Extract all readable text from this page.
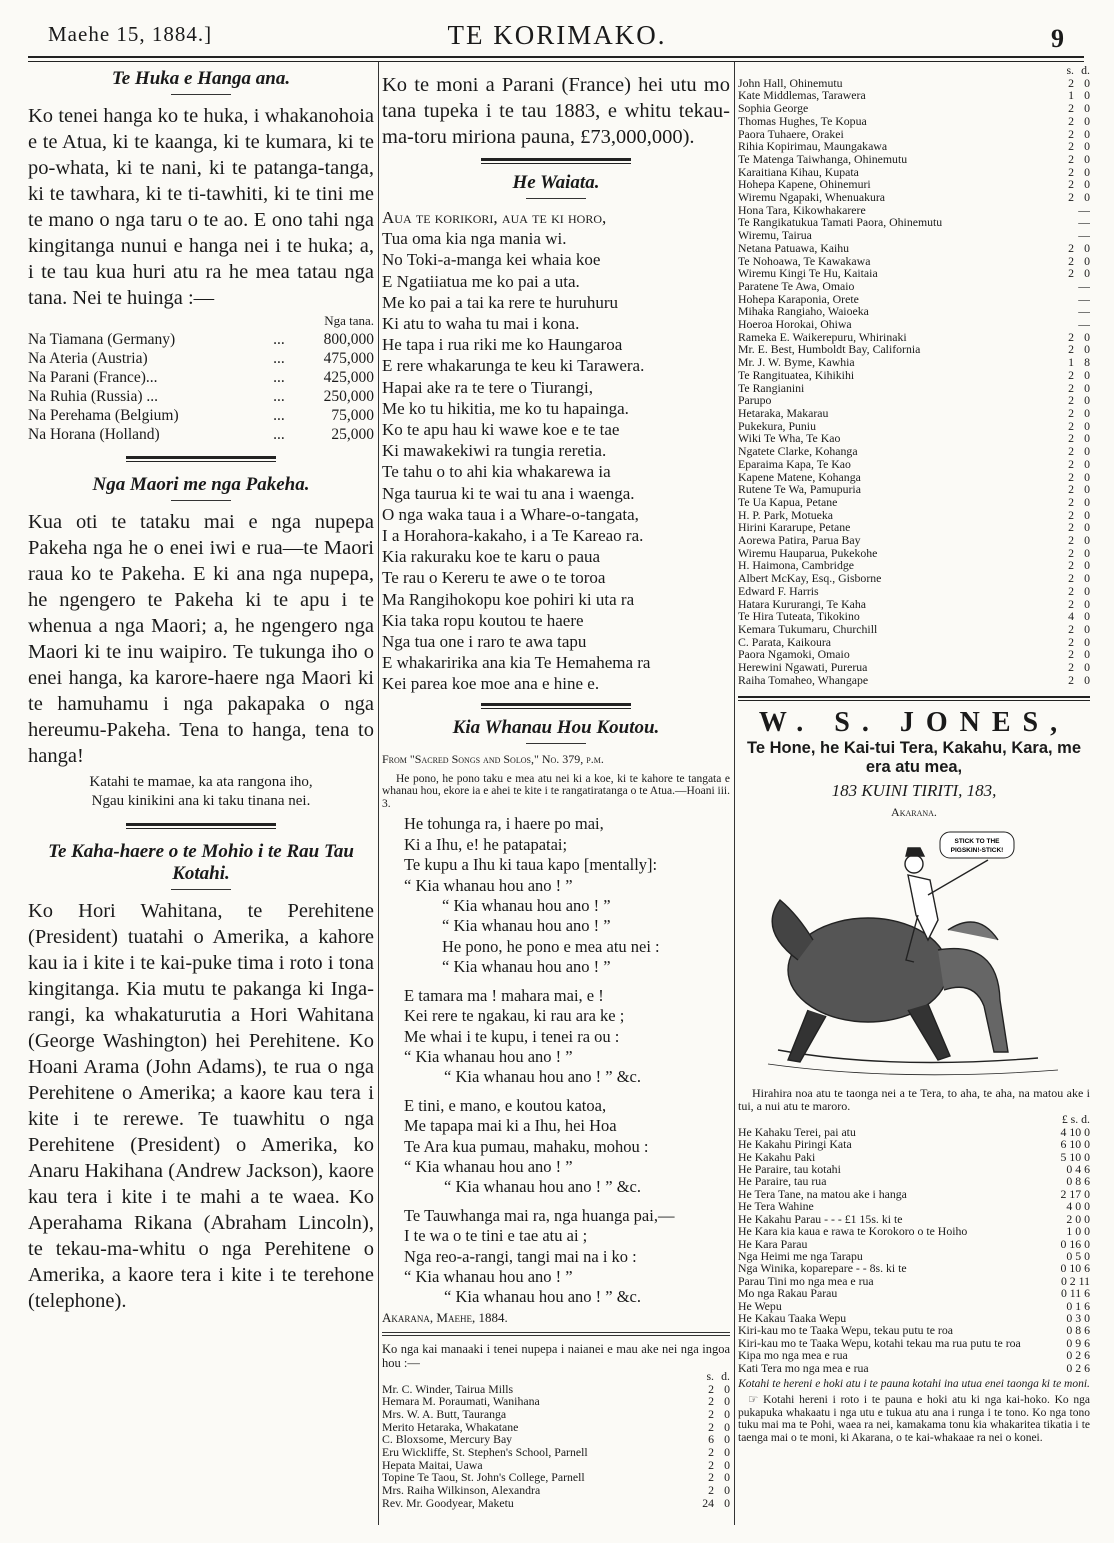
Maehe 15, 1884.]	TE KORIMAKO.	9
Te Huka e Hanga ana.

Ko tenei hanga ko te huka, i whakanohoia e te Atua, ki te kaanga, ki te kumara, ki te po-whata, ki te nani, ki te patanga-tanga, ki te tawhara, ki te ti-tawhiti, ki te tini me te mano o nga taru o te ao. E ono tahi nga kingitanga nunui e hanga nei i te huka; a, i te tau kua huri atu ra he mea tatau nga tana. Nei te huinga :—

		Nga tana.
Na Tiamana (Germany)	...	800,000
Na Ateria (Austria)	...	475,000
Na Parani (France)...	...	425,000
Na Ruhia (Russia) ...	...	250,000
Na Perehama (Belgium)	...	75,000
Na Horana (Holland)	...	25,000
Nga Maori me nga Pakeha.

Kua oti te tataku mai e nga nupepa Pakeha nga he o enei iwi e rua—te Maori raua ko te Pakeha. E ki ana nga nupepa, he ngengero te Pakeha ki te apu i te whenua a nga Maori; a, he ngengero nga Maori ki te inu waipiro. Te tukunga iho o enei hanga, ka karore-haere nga Maori ki te hamuhamu i nga pakapaka o nga hereumu-Pakeha. Tena to hanga, tena to hanga!

Katahi te mamae, ka ata rangona iho,
Ngau kinikini ana ki taku tinana nei.
Te Kaha-haere o te Mohio i te Rau Tau Kotahi.

Ko Hori Wahitana, te Perehitene (President) tuatahi o Amerika, a kahore kau ia i kite i te kai-puke tima i roto i tona kingitanga. Kia mutu te pakanga ki Inga-rangi, ka whakaturutia a Hori Wahitana (George Washington) hei Perehitene. Ko Hoani Arama (John Adams), te rua o nga Perehitene o Amerika; a kaore kau tera i kite i te rerewe. Te tuawhitu o nga Perehitene (President) o Amerika, ko Anaru Hakihana (Andrew Jackson), kaore kau tera i kite i te mahi a te waea. Ko Aperahama Rikana (Abraham Lincoln), te tekau-ma-whitu o nga Perehitene o Amerika, a kaore tera i kite i te terehone (telephone).

Ko te moni a Parani (France) hei utu mo tana tupeka i te tau 1883, e whitu tekau-ma-toru miriona pauna, £73,000,000).

He Waiata.
Aua te korikori, aua te ki horo,
Tua oma kia nga mania wi.
No Toki-a-manga kei whaia koe
E Ngatiiatua me ko pai a uta.
Me ko pai a tai ka rere te huruhuru
Ki atu to waha tu mai i kona.
He tapa i rua riki me ko Haungaroa
E rere whakarunga te keu ki Tarawera.
Hapai ake ra te tere o Tiurangi,
Me ko tu hikitia, me ko tu hapainga.
Ko te apu hau ki wawe koe e te tae
Ki mawakekiwi ra tungia reretia.
Te tahu o to ahi kia whakarewa ia
Nga taurua ki te wai tu ana i waenga.
O nga waka taua i a Whare-o-tangata,
I a Horahora-kakaho, i a Te Kareao ra.
Kia rakuraku koe te karu o paua
Te rau o Kereru te awe o te toroa
Ma Rangihokopu koe pohiri ki uta ra
Kia taka ropu koutou te haere
Nga tua one i raro te awa tapu
E whakaririka ana kia Te Hemahema ra
Kei parea koe moe ana e hine e.
Kia Whanau Hou Koutou.
From "Sacred Songs and Solos," No. 379, p.m.

He pono, he pono taku e mea atu nei ki a koe, ki te kahore te tangata e whanau hou, ekore ia e ahei te kite i te rangatiratanga o te Atua.—Hoani iii. 3.

He tohunga ra, i haere po mai,
Ki a Ihu, e! he patapatai;
Te kupu a Ihu ki taua kapo [mentally]:
“ Kia whanau hou ano ! ”
“ Kia whanau hou ano ! ”
“ Kia whanau hou ano ! ”
He pono, he pono e mea atu nei :
“ Kia whanau hou ano ! ”
E tamara ma ! mahara mai, e !
Kei rere te ngakau, ki rau ara ke ;
Me whai i te kupu, i tenei ra ou :
“ Kia whanau hou ano ! ”
“ Kia whanau hou ano ! ” &c.
E tini, e mano, e koutou katoa,
Me tapapa mai ki a Ihu, hei Hoa
Te Ara kua pumau, mahaku, mohou :
“ Kia whanau hou ano ! ”
“ Kia whanau hou ano ! ” &c.
Te Tauwhanga mai ra, nga huanga pai,—
I te wa o te tini e tae atu ai ;
Nga reo-a-rangi, tangi mai na i ko :
“ Kia whanau hou ano ! ”
“ Kia whanau hou ano ! ” &c.
Akarana, Maehe, 1884.
Ko nga kai manaaki i tenei nupepa i naianei e mau ake nei nga ingoa hou :—
	s.	d.
Mr. C. Winder, Tairua Mills	2	0
Hemara M. Poraumati, Wanihana	2	0
Mrs. W. A. Butt, Tauranga	2	0
Merito Hetaraka, Whakatane	2	0
C. Bloxsome, Mercury Bay	6	0
Eru Wickliffe, St. Stephen's School, Parnell	2	0
Hepata Maitai, Uawa	2	0
Topine Te Taou, St. John's College, Parnell	2	0
Mrs. Raiha Wilkinson, Alexandra	2	0
Rev. Mr. Goodyear, Maketu	24	0
	s.	d.
John Hall, Ohinemutu	2	0
Kate Middlemas, Tarawera	1	0
Sophia George	2	0
Thomas Hughes, Te Kopua	2	0
Paora Tuhaere, Orakei	2	0
Rihia Kopirimau, Maungakawa	2	0
Te Matenga Taiwhanga, Ohinemutu	2	0
Karaitiana Kihau, Kupata	2	0
Hohepa Kapene, Ohinemuri	2	0
Wiremu Ngapaki, Whenuakura	2	0
Hona Tara, Kikowhakarere		—
Te Rangikatukua Tamati Paora, Ohinemutu		—
Wiremu, Tairua		—
Netana Patuawa, Kaihu	2	0
Te Nohoawa, Te Kawakawa	2	0
Wiremu Kingi Te Hu, Kaitaia	2	0
Paratene Te Awa, Omaio		—
Hohepa Karaponia, Orete		—
Mihaka Rangiaho, Waioeka		—
Hoeroa Horokai, Ohiwa		—
Rameka E. Waikerepuru, Whirinaki	2	0
Mr. E. Best, Humboldt Bay, California	2	0
Mr. J. W. Byme, Kawhia	1	8
Te Rangituatea, Kihikihi	2	0
Te Rangianini	2	0
Parupo	2	0
Hetaraka, Makarau	2	0
Pukekura, Puniu	2	0
Wiki Te Wha, Te Kao	2	0
Ngatete Clarke, Kohanga	2	0
Eparaima Kapa, Te Kao	2	0
Kapene Matene, Kohanga	2	0
Rutene Te Wa, Pamupuria	2	0
Te Ua Kapua, Petane	2	0
H. P. Park, Motueka	2	0
Hirini Kararupe, Petane	2	0
Aorewa Patira, Parua Bay	2	0
Wiremu Hauparua, Pukekohe	2	0
H. Haimona, Cambridge	2	0
Albert McKay, Esq., Gisborne	2	0
Edward F. Harris	2	0
Hatara Kururangi, Te Kaha	2	0
Te Hira Tuteata, Tikokino	4	0
Kemara Tukumaru, Churchill	2	0
C. Parata, Kaikoura	2	0
Paora Ngamoki, Omaio	2	0
Herewini Ngawati, Purerua	2	0
Raiha Tomaheo, Whangape	2	0
W. S. JONES,
Te Hone, he Kai-tui Tera, Kakahu, Kara, me era atu mea,
183 KUINI TIRITI, 183,
Akarana.
STICK TO THE
PIGSKIN!-STICK!
Hirahira noa atu te taonga nei a te Tera, to aha, te aha, na matou ake i tui, a nui atu te maroro.
	£ s. d.
He Kahaku Terei, pai atu	4 10 0
He Kakahu Piringi Kata	6 10 0
He Kakahu Paki	5 10 0
He Paraire, tau kotahi	0 4 6
He Paraire, tau rua	0 8 6
He Tera Tane, na matou ake i hanga	2 17 0
He Tera Wahine	4 0 0
He Kakahu Parau - - - £1 15s. ki te	2 0 0
He Kara kia kaua e rawa te Korokoro o te Hoiho	1 0 0
He Kara Parau	0 16 0
Nga Heimi me nga Tarapu	0 5 0
Nga Winika, koparepare - - 8s. ki te	0 10 6
Parau Tini mo nga mea e rua	0 2 11
Mo nga Rakau Parau	0 11 6
He Wepu	0 1 6
He Kakau Taaka Wepu	0 3 0
Kiri-kau mo te Taaka Wepu, tekau putu te roa	0 8 6
Kiri-kau mo te Taaka Wepu, kotahi tekau ma rua putu te roa	0 9 6
Kipa mo nga mea e rua	0 2 6
Kati Tera mo nga mea e rua	0 2 6
Kotahi te hereni e hoki atu i te pauna kotahi ina utua enei taonga ki te moni.
☞ Kotahi hereni i roto i te pauna e hoki atu ki nga kai-hoko. Ko nga pukapuka whakaatu i nga utu e tukua atu ana i runga i te tono. Ko nga tono tuku mai ma te Pohi, waea ra nei, kamakama tonu kia whakaritea tikatia i te taenga mai o te moni, ki Akarana, o te kai-whakaae ra nei o konei.
